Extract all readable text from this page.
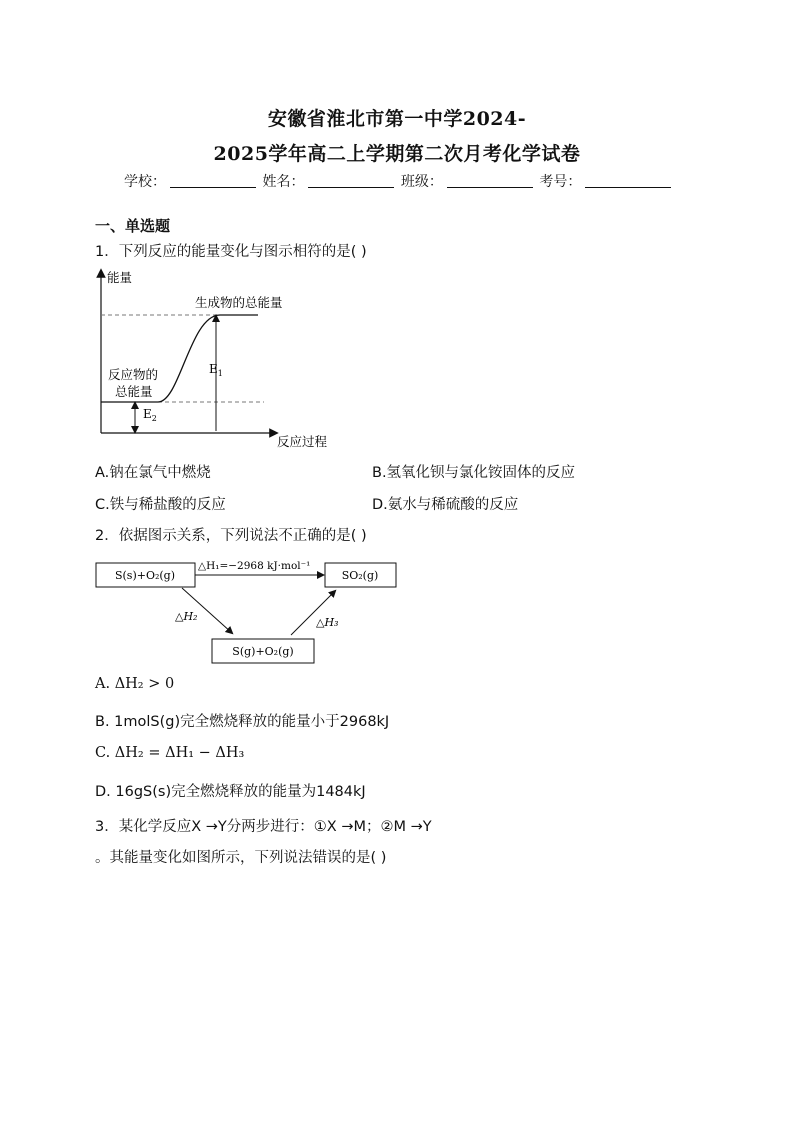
安徽省淮北市第一中学2024-
2025学年高二上学期第二次月考化学试卷
学校：	姓名：	班级：	考号：
一、单选题
1．下列反应的能量变化与图示相符的是( )
能量
反应过程
生成物的总能量
反应物的
总能量
$E_1$
$E_2$
A.钠在氯气中燃烧	B.氢氧化钡与氯化铵固体的反应
C.铁与稀盐酸的反应	D.氨水与稀硫酸的反应
2．依据图示关系，下列说法不正确的是( )
S(s)+O₂(g)	SO₂(g)
S(g)+O₂(g)
△H₁=−2968 kJ·mol⁻¹
△H₂	△H₃
A. ΔH₂ > 0
B. 1molS(g)完全燃烧释放的能量小于2968kJ
C. ΔH₂ = ΔH₁ − ΔH₃
D. 16gS(s)完全燃烧释放的能量为1484kJ
3．某化学反应X →Y分两步进行：①X →M；②M →Y
。其能量变化如图所示，下列说法错误的是( )
